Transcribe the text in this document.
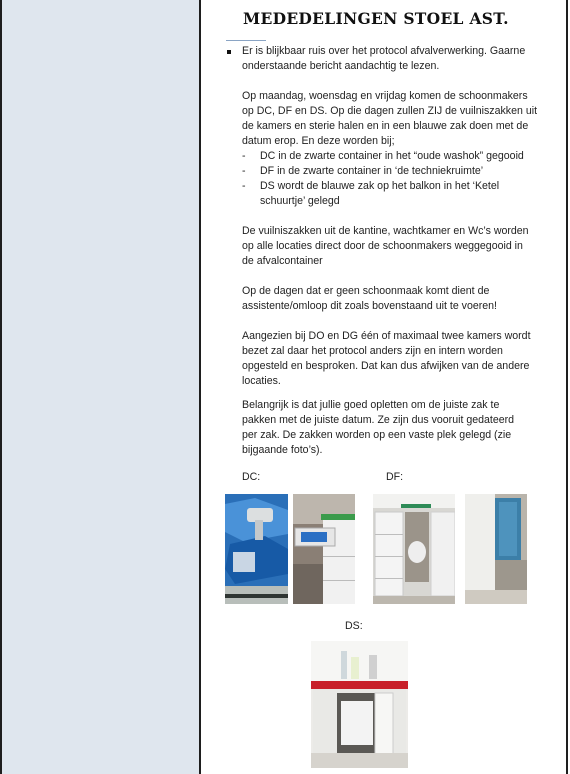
MEDEDELINGEN STOEL AST.
Er is blijkbaar ruis over het protocol afvalverwerking. Gaarne
onderstaande bericht aandachtig te lezen.
Op maandag, woensdag en vrijdag komen de schoonmakers
op DC, DF en DS. Op die dagen zullen ZIJ de vuilniszakken uit
de kamers en sterie halen en in een blauwe zak doen met de
datum erop. En deze worden bij;
- DC in de zwarte container in het “oude washok” gegooid
- DF in de zwarte container in ‘de techniekruimte’
- DS wordt de blauwe zak op het balkon in het ‘Ketel
schuurtje’ gelegd
De vuilniszakken uit de kantine, wachtkamer en Wc’s worden
op alle locaties direct door de schoonmakers weggegooid in
de afvalcontainer
Op de dagen dat er geen schoonmaak komt dient de
assistente/omloop dit zoals bovenstaand uit te voeren!
Aangezien bij DO en DG één of maximaal twee kamers wordt
bezet zal daar het protocol anders zijn en intern worden
opgesteld en besproken. Dat kan dus afwijken van de andere
locaties.
Belangrijk is dat jullie goed opletten om de juiste zak te
pakken met de juiste datum. Ze zijn dus vooruit gedateerd
per zak. De zakken worden op een vaste plek gelegd (zie
bijgaande foto’s).
DC:	DF:
DS:
